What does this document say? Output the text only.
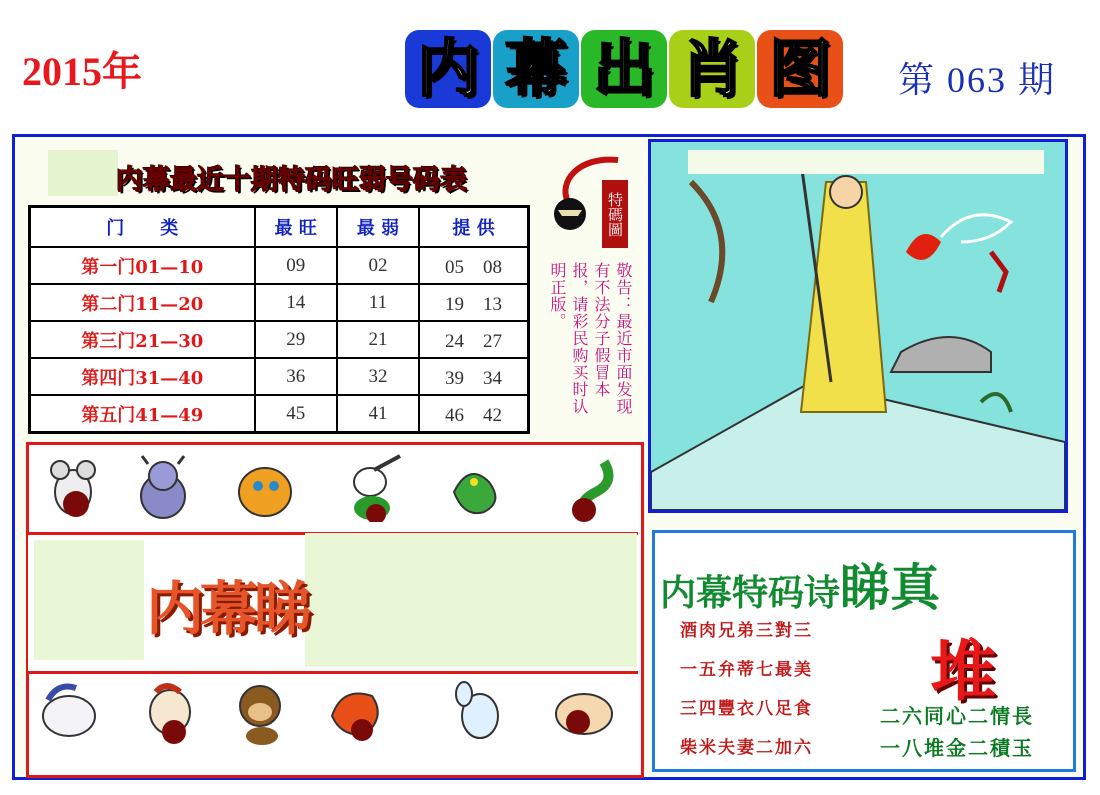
2015年	内 幕 出 肖 图	第 063 期
内幕最近十期特码旺弱号码表
门　　类	最 旺	最 弱	提 供
第一门01—10	09	02	05　08
第二门11—20	14	11	19　13
第三门21—30	29	21	24　27
第四门31—40	36	32	39　34
第五门41—49	45	41	46　42
特碼圖
敬告：最近市面发现有不法分子假冒本报，请彩民购买时认明正版。
内幕睇	内幕特码诗睇真
酒肉兄弟三對三
一五弁蒂七最美
三四豐衣八足食
柴米夫妻二加六
堆
二六同心二情長
一八堆金二積玉
